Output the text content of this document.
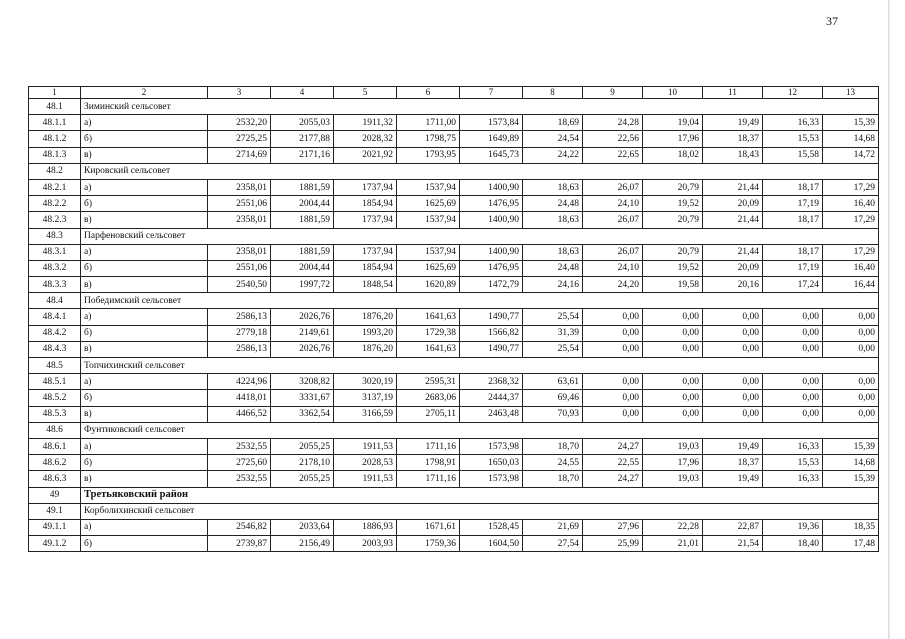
37
1	2	3	4	5	6	7	8	9	10	11	12	13
48.1	Зиминский сельсовет											
48.1.1	а)	2532,20	2055,03	1911,32	1711,00	1573,84	18,69	24,28	19,04	19,49	16,33	15,39
48.1.2	б)	2725,25	2177,88	2028,32	1798,75	1649,89	24,54	22,56	17,96	18,37	15,53	14,68
48.1.3	в)	2714,69	2171,16	2021,92	1793,95	1645,73	24,22	22,65	18,02	18,43	15,58	14,72
48.2	Кировский сельсовет											
48.2.1	а)	2358,01	1881,59	1737,94	1537,94	1400,90	18,63	26,07	20,79	21,44	18,17	17,29
48.2.2	б)	2551,06	2004,44	1854,94	1625,69	1476,95	24,48	24,10	19,52	20,09	17,19	16,40
48.2.3	в)	2358,01	1881,59	1737,94	1537,94	1400,90	18,63	26,07	20,79	21,44	18,17	17,29
48.3	Парфеновский сельсовет											
48.3.1	а)	2358,01	1881,59	1737,94	1537,94	1400,90	18,63	26,07	20,79	21,44	18,17	17,29
48.3.2	б)	2551,06	2004,44	1854,94	1625,69	1476,95	24,48	24,10	19,52	20,09	17,19	16,40
48.3.3	в)	2540,50	1997,72	1848,54	1620,89	1472,79	24,16	24,20	19,58	20,16	17,24	16,44
48.4	Победимский сельсовет											
48.4.1	а)	2586,13	2026,76	1876,20	1641,63	1490,77	25,54	0,00	0,00	0,00	0,00	0,00
48.4.2	б)	2779,18	2149,61	1993,20	1729,38	1566,82	31,39	0,00	0,00	0,00	0,00	0,00
48.4.3	в)	2586,13	2026,76	1876,20	1641,63	1490,77	25,54	0,00	0,00	0,00	0,00	0,00
48.5	Топчихинский сельсовет											
48.5.1	а)	4224,96	3208,82	3020,19	2595,31	2368,32	63,61	0,00	0,00	0,00	0,00	0,00
48.5.2	б)	4418,01	3331,67	3137,19	2683,06	2444,37	69,46	0,00	0,00	0,00	0,00	0,00
48.5.3	в)	4466,52	3362,54	3166,59	2705,11	2463,48	70,93	0,00	0,00	0,00	0,00	0,00
48.6	Фунтиковский сельсовет											
48.6.1	а)	2532,55	2055,25	1911,53	1711,16	1573,98	18,70	24,27	19,03	19,49	16,33	15,39
48.6.2	б)	2725,60	2178,10	2028,53	1798,91	1650,03	24,55	22,55	17,96	18,37	15,53	14,68
48.6.3	в)	2532,55	2055,25	1911,53	1711,16	1573,98	18,70	24,27	19,03	19,49	16,33	15,39
49	Третьяковский район											
49.1	Корболихинский сельсовет											
49.1.1	а)	2546,82	2033,64	1886,93	1671,61	1528,45	21,69	27,96	22,28	22,87	19,36	18,35
49.1.2	б)	2739,87	2156,49	2003,93	1759,36	1604,50	27,54	25,99	21,01	21,54	18,40	17,48
